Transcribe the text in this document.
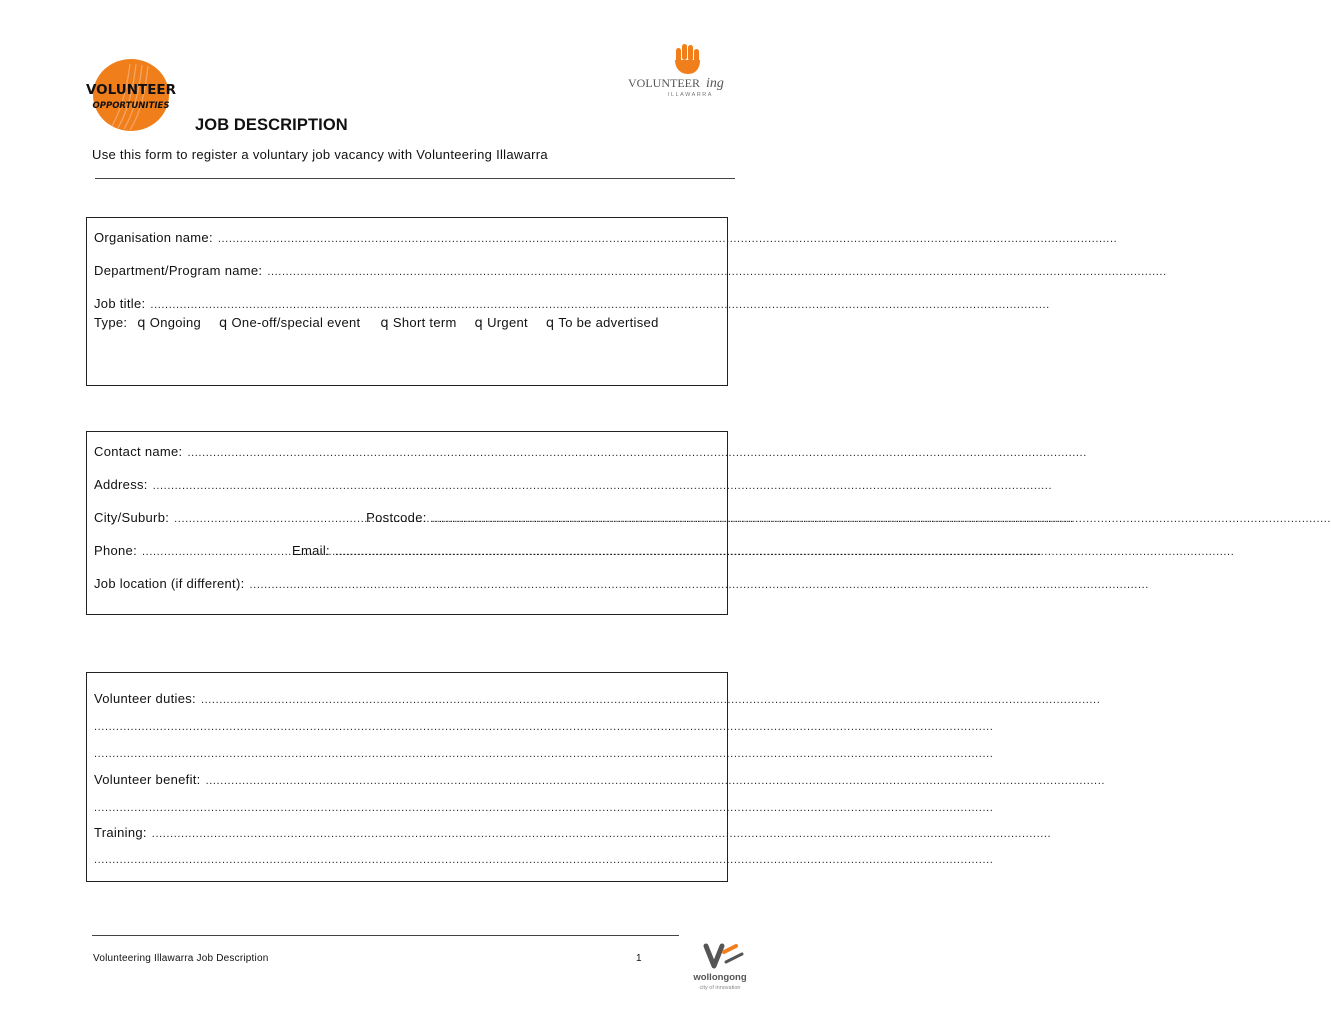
VOLUNTEER
OPPORTUNITIES
VOLUNTEER ing
ILLAWARRA
JOB DESCRIPTION
Use this form to register a voluntary job vacancy with Volunteering Illawarra
Organisation name:
.....
Department/Program name:
.....
Job title:
.....
Type: q Ongoing q One-off/special event q Short term q Urgent q To be advertised
Contact name:
.....
Address:
.....
City/Suburb: .....	Postcode:
.....
Phone: .....	Email:
.....
Job location (if different):
.....
Volunteer duties:
.....
.....
.....
Volunteer benefit:
.....
.....
Training:
.....
.....
Volunteering Illawarra Job Description	1
wollongong
city of innovation
